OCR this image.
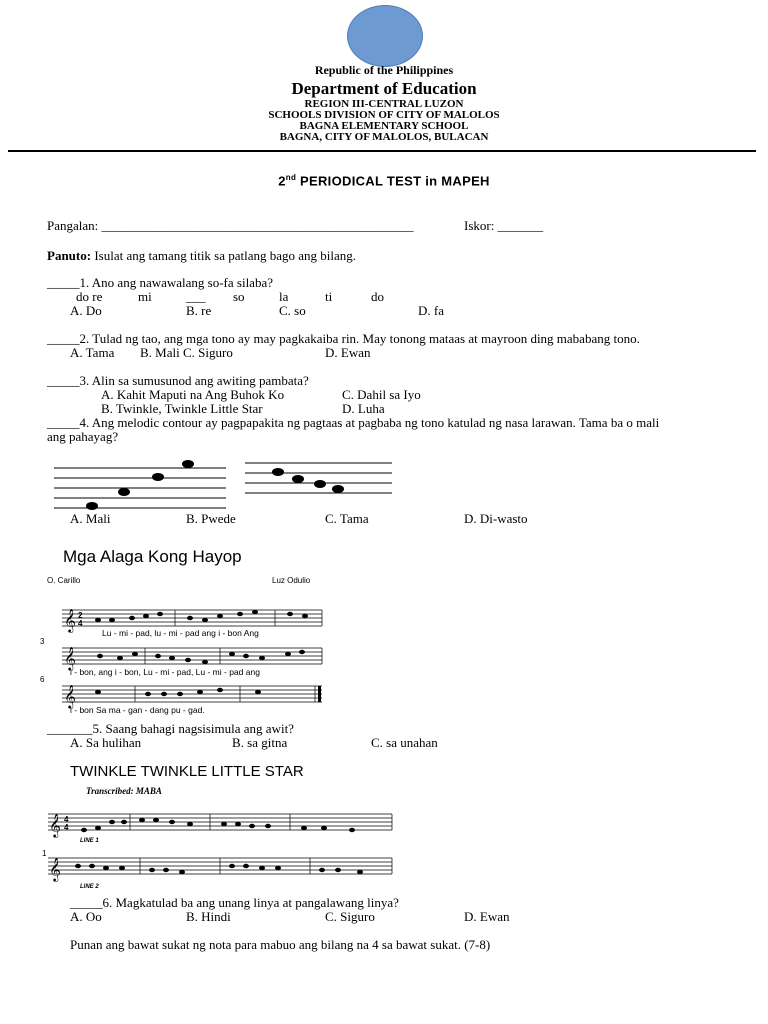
Republic of the Philippines
Department of Education
REGION III-CENTRAL LUZON
SCHOOLS DIVISION OF CITY OF MALOLOS
BAGNA ELEMENTARY SCHOOL
BAGNA, CITY OF MALOLOS, BULACAN
2nd PERIODICAL TEST in MAPEH
Pangalan: ________________________________________________	Iskor: _______
Panuto: Isulat ang tamang titik sa patlang bago ang bilang.
_____1. Ano ang nawawalang so-fa silaba?
do re	mi	___ so	la	ti	do
A. Do	B. re	C. so	D. fa
_____2. Tulad ng tao, ang mga tono ay may pagkakaiba rin. May tonong mataas at mayroon ding mababang tono.
A. Tama B. Mali C. Siguro	D. Ewan
_____3. Alin sa sumusunod ang awiting pambata?
A. Kahit Maputi na Ang Buhok Ko	C. Dahil sa Iyo
B. Twinkle, Twinkle Little Star	D. Luha
_____4. Ang melodic contour ay pagpapakita ng pagtaas at pagbaba ng tono katulad ng nasa larawan. Tama ba o mali
ang pahayag?
A. Mali	B. Pwede	C. Tama	D. Di-wasto
Mga Alaga Kong Hayop
O. Carillo	Luz Odulio
𝄞
𝄞
𝄞
2
4
3
6
Lu - mi - pad, lu - mi - pad ang i - bon Ang
i - bon, ang i - bon, Lu - mi - pad, Lu - mi - pad ang
i - bon Sa ma - gan - dang pu - gad.
_______5. Saang bahagi nagsisimula ang awit?
A. Sa hulihan	B. sa gitna	C. sa unahan
TWINKLE TWINKLE LITTLE STAR
Transcribed: MABA
𝄞
𝄞
4
4
1
LINE 1
LINE 2
_____6. Magkatulad ba ang unang linya at pangalawang linya?
A. Oo	B. Hindi	C. Siguro	D. Ewan
Punan ang bawat sukat ng nota para mabuo ang bilang na 4 sa bawat sukat. (7-8)
